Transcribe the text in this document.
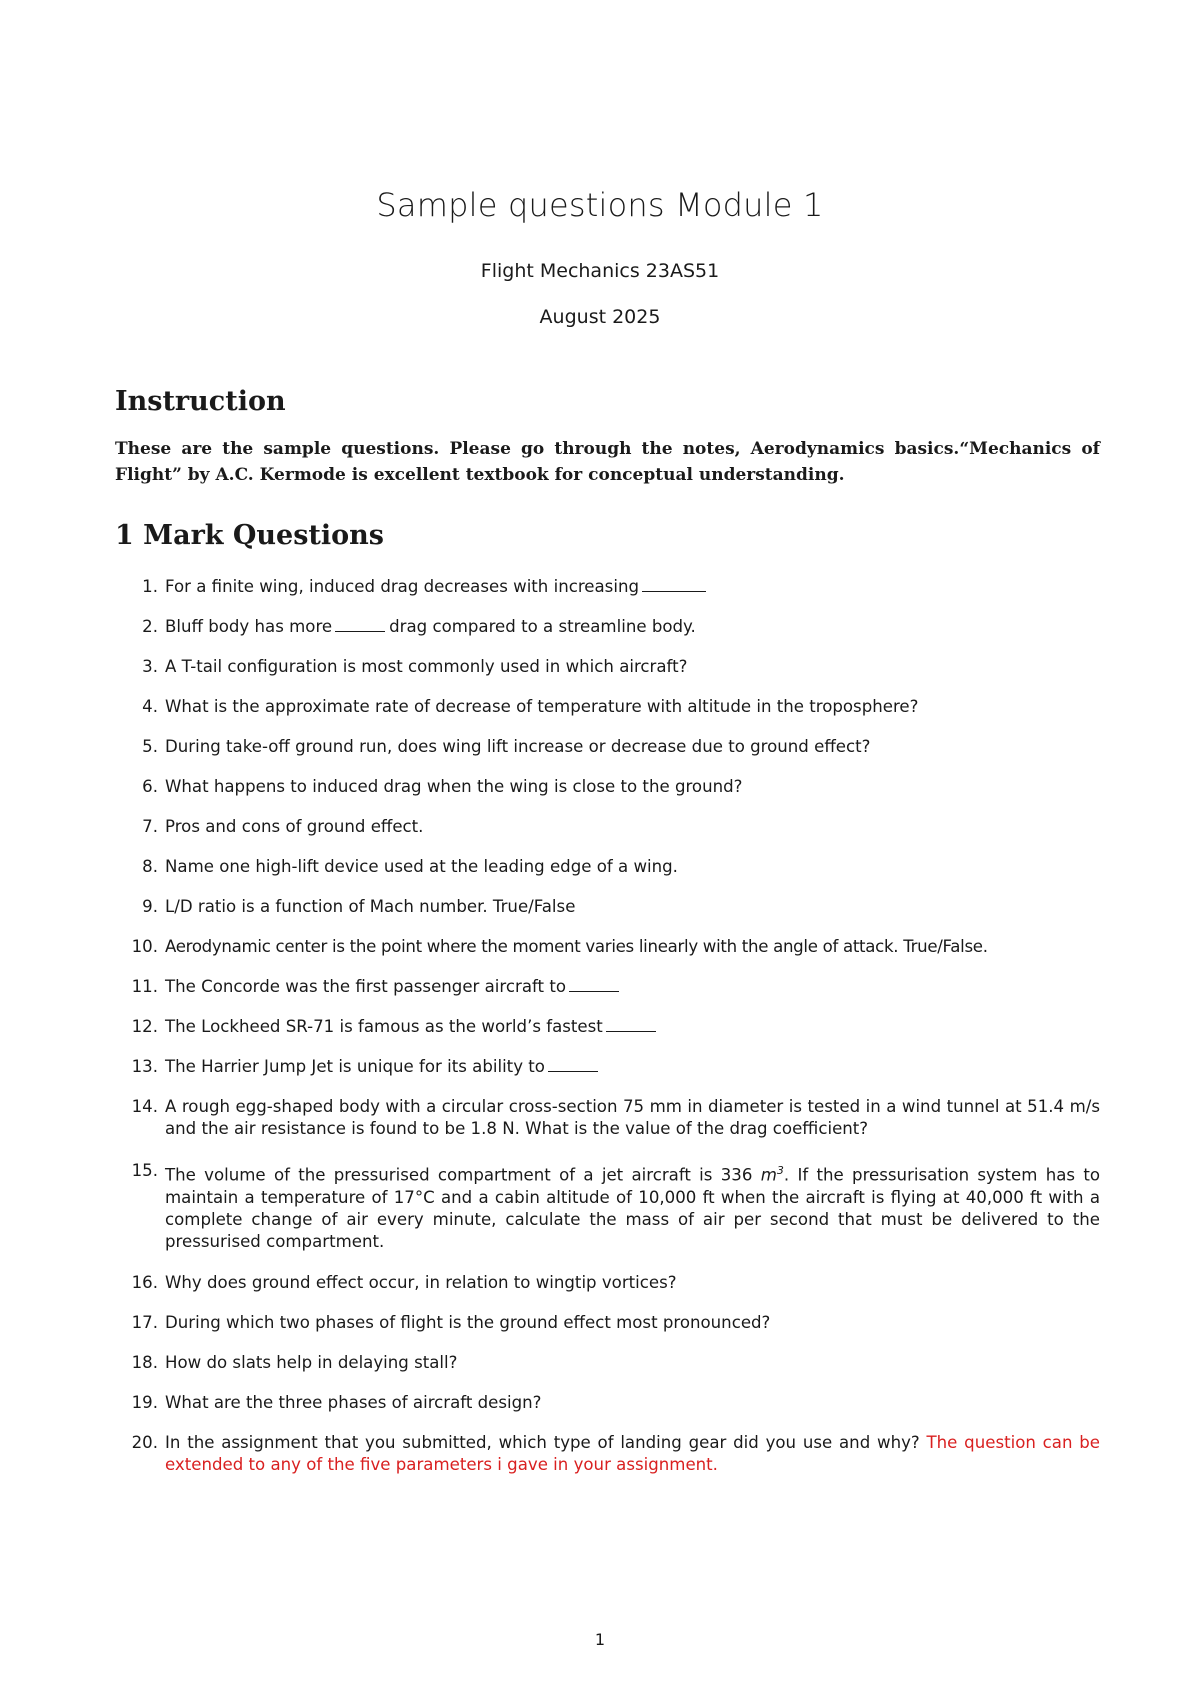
Sample questions Module 1
Flight Mechanics 23AS51
August 2025
Instruction
These are the sample questions. Please go through the notes, Aerodynamics basics.“Mechanics of Flight” by A.C. Kermode is excellent textbook for conceptual understanding.
1 Mark Questions
1. For a finite wing, induced drag decreases with increasing
2. Bluff body has more	drag compared to a streamline body.
3. A T-tail configuration is most commonly used in which aircraft?
4. What is the approximate rate of decrease of temperature with altitude in the troposphere?
5. During take-off ground run, does wing lift increase or decrease due to ground effect?
6. What happens to induced drag when the wing is close to the ground?
7. Pros and cons of ground effect.
8. Name one high-lift device used at the leading edge of a wing.
9. L/D ratio is a function of Mach number. True/False
10. Aerodynamic center is the point where the moment varies linearly with the angle of attack. True/False.
11. The Concorde was the first passenger aircraft to
12. The Lockheed SR-71 is famous as the world’s fastest
13. The Harrier Jump Jet is unique for its ability to
14. A rough egg-shaped body with a circular cross-section 75 mm in diameter is tested in a wind tunnel at 51.4 m/s and the air resistance is found to be 1.8 N. What is the value of the drag coefficient?
15. The volume of the pressurised compartment of a jet aircraft is 336 $m^3$. If the pressurisation system has to maintain a temperature of 17°C and a cabin altitude of 10,000 ft when the aircraft is flying at 40,000 ft with a complete change of air every minute, calculate the mass of air per second that must be delivered to the pressurised compartment.
16. Why does ground effect occur, in relation to wingtip vortices?
17. During which two phases of flight is the ground effect most pronounced?
18. How do slats help in delaying stall?
19. What are the three phases of aircraft design?
20. In the assignment that you submitted, which type of landing gear did you use and why? The question can be extended to any of the five parameters i gave in your assignment.
1
